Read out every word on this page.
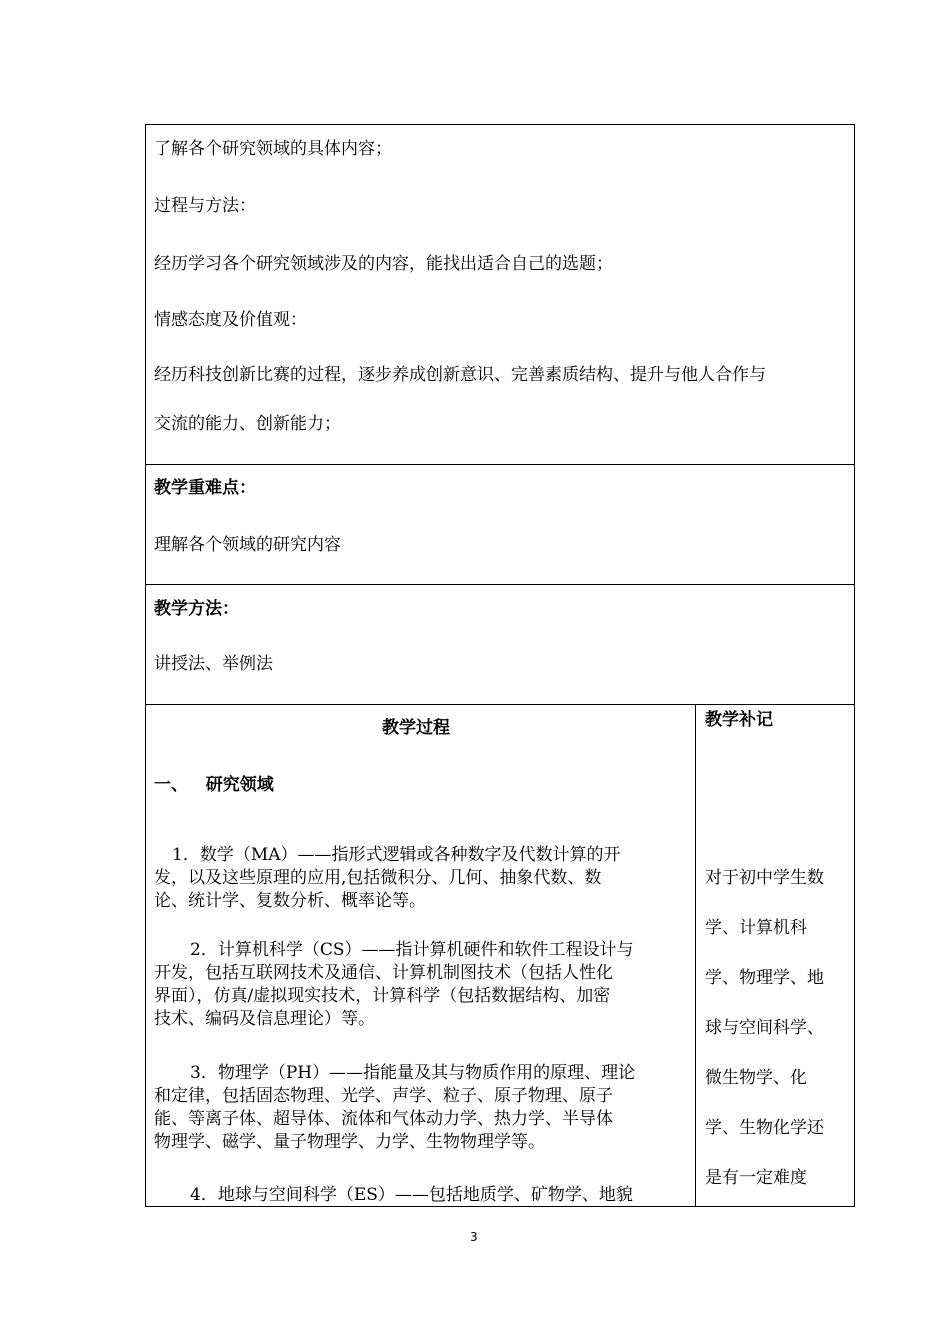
了解各个研究领域的具体内容；
过程与方法：
经历学习各个研究领域涉及的内容，能找出适合自己的选题；
情感态度及价值观：
经历科技创新比赛的过程，逐步养成创新意识、完善素质结构、提升与他人合作与
交流的能力、创新能力；
教学重难点：
理解各个领域的研究内容
教学方法：
讲授法、举例法
教学过程
一、   研究领域
1．数学（MA）——指形式逻辑或各种数字及代数计算的开
发，以及这些原理的应用,包括微积分、几何、抽象代数、数
论、统计学、复数分析、概率论等。
2．计算机科学（CS）——指计算机硬件和软件工程设计与
开发，包括互联网技术及通信、计算机制图技术（包括人性化
界面），仿真/虚拟现实技术，计算科学（包括数据结构、加密
技术、编码及信息理论）等。
3．物理学（PH）——指能量及其与物质作用的原理、理论
和定律，包括固态物理、光学、声学、粒子、原子物理、原子
能、等离子体、超导体、流体和气体动力学、热力学、半导体
物理学、磁学、量子物理学、力学、生物物理学等。
4．地球与空间科学（ES）——包括地质学、矿物学、地貌
教学补记
对于初中学生数
学、计算机科
学、物理学、地
球与空间科学、
微生物学、化
学、生物化学还
是有一定难度
3
